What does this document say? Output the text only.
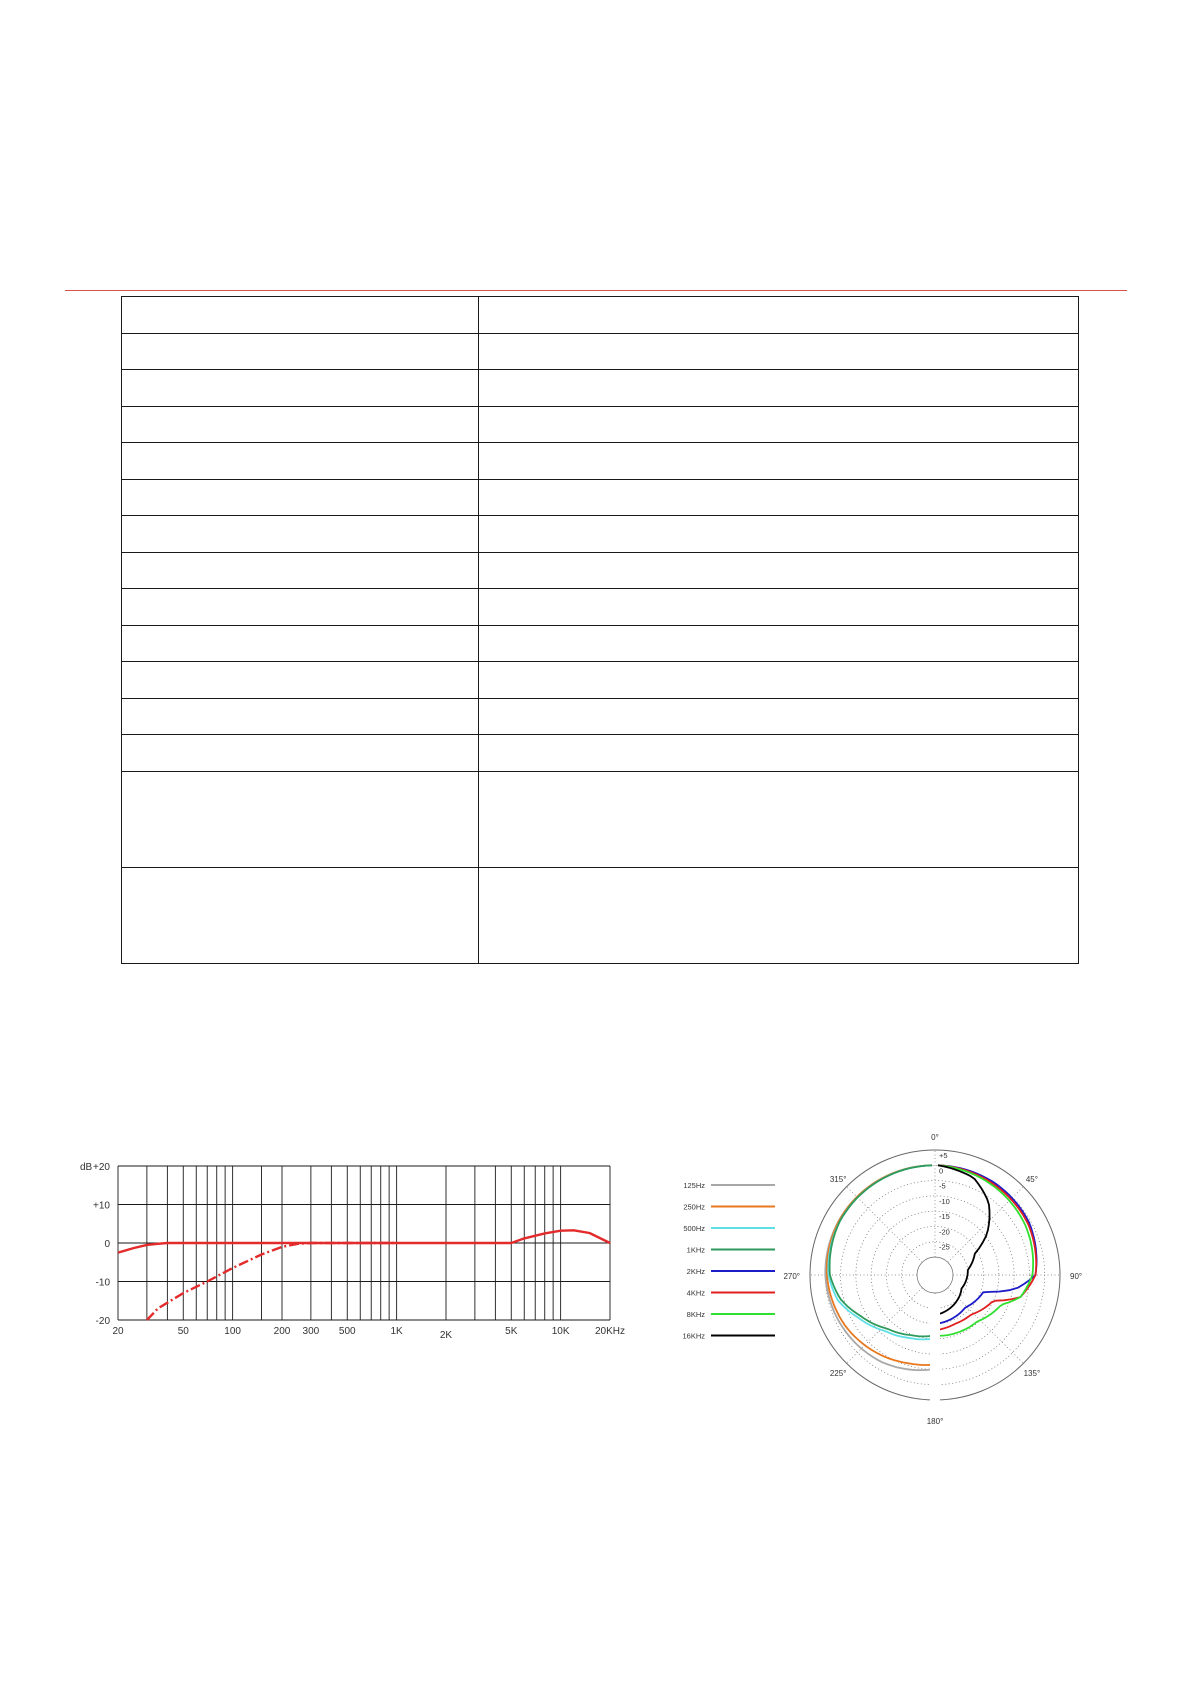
+20
+10
0
-10
-20
dB
20	50	100	200 300 500	1K	2K	5K	10K	20KHz
0°
45°
90°
135°
180°
225°
270°
315°
+5
0
-5
-10
-15
-20
-25
125Hz
250Hz
500Hz
1KHz
2KHz
4KHz
8KHz
16KHz
